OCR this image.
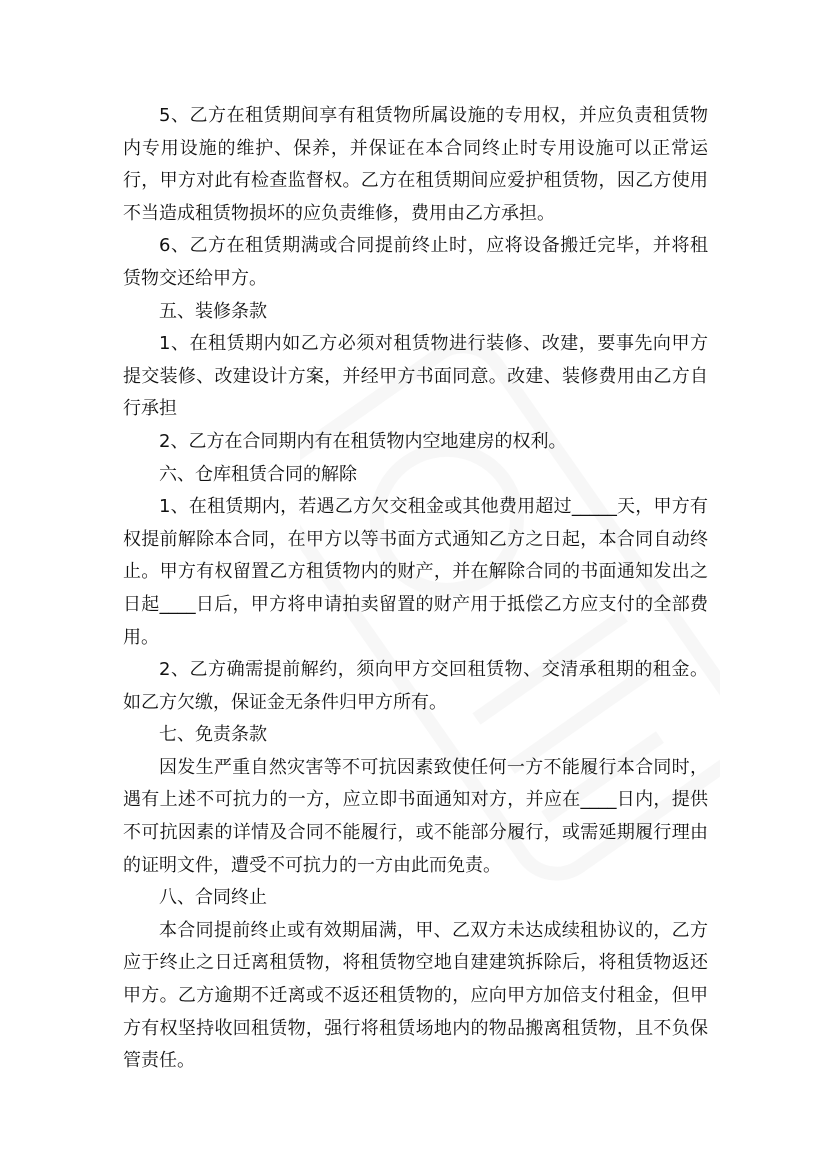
5、乙方在租赁期间享有租赁物所属设施的专用权，并应负责租赁物内专用设施的维护、保养，并保证在本合同终止时专用设施可以正常运行，甲方对此有检查监督权。乙方在租赁期间应爱护租赁物，因乙方使用不当造成租赁物损坏的应负责维修，费用由乙方承担。

6、乙方在租赁期满或合同提前终止时，应将设备搬迁完毕，并将租赁物交还给甲方。

五、装修条款

1、在租赁期内如乙方必须对租赁物进行装修、改建，要事先向甲方提交装修、改建设计方案，并经甲方书面同意。改建、装修费用由乙方自行承担

2、乙方在合同期内有在租赁物内空地建房的权利。

六、仓库租赁合同的解除

1、在租赁期内，若遇乙方欠交租金或其他费用超过_____天，甲方有权提前解除本合同，在甲方以等书面方式通知乙方之日起，本合同自动终止。甲方有权留置乙方租赁物内的财产，并在解除合同的书面通知发出之日起____日后，甲方将申请拍卖留置的财产用于抵偿乙方应支付的全部费用。

2、乙方确需提前解约，须向甲方交回租赁物、交清承租期的租金。如乙方欠缴，保证金无条件归甲方所有。

七、免责条款

因发生严重自然灾害等不可抗因素致使任何一方不能履行本合同时，遇有上述不可抗力的一方，应立即书面通知对方，并应在____日内，提供不可抗因素的详情及合同不能履行，或不能部分履行，或需延期履行理由的证明文件，遭受不可抗力的一方由此而免责。

八、合同终止

本合同提前终止或有效期届满，甲、乙双方未达成续租协议的，乙方应于终止之日迁离租赁物，将租赁物空地自建建筑拆除后，将租赁物返还甲方。乙方逾期不迁离或不返还租赁物的，应向甲方加倍支付租金，但甲方有权坚持收回租赁物，强行将租赁场地内的物品搬离租赁物，且不负保管责任。
